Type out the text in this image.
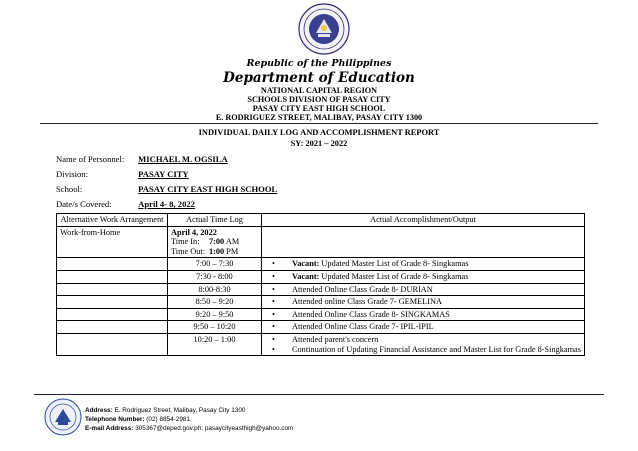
Republic of the Philippines
Department of Education
NATIONAL CAPITAL REGION
SCHOOLS DIVISION OF PASAY CITY
PASAY CITY EAST HIGH SCHOOL
E. RODRIGUEZ STREET, MALIBAY, PASAY CITY 1300
INDIVIDUAL DAILY LOG AND ACCOMPLISHMENT REPORT
SY: 2021 – 2022
Name of Personnel: MICHAEL M. OGSILA
Division:	PASAY CITY
School:	PASAY CITY EAST HIGH SCHOOL
Date/s Covered:	April 4- 8, 2022
Alternative Work Arrangement	Actual Time Log	Actual Accomplishment/Output
Work-from-Home	April 4, 2022
Time In: 7:00 AM
Time Out: 1:00 PM	

	7:00 – 7:30	• Vacant: Updated Master List of Grade 8- Singkamas

	7:30 - 8:00	• Vacant: Updated Master List of Grade 8- Singkamas

	8:00-8:30	• Attended Online Class Grade 8- DURIAN

	8:50 – 9:20	• Attended online Class Grade 7- GEMELINA

	9:20 – 9:50	• Attended Online Class Grade 8- SINGKAMAS

	9:50 – 10:20	• Attended Online Class Grade 7- IPIL-IPIL

	10:20 – 1:00	• Attended parent's concern
• Continuation of Updating Financial Assistance and Master List for Grade 8-Singkamas
Address: E. Rodriguez Street, Malibay, Pasay City 1300
Telephone Number: (02) 8854-2981
E-mail Address: 305367@deped.gov.ph; pasaycityeasthigh@yahoo.com
